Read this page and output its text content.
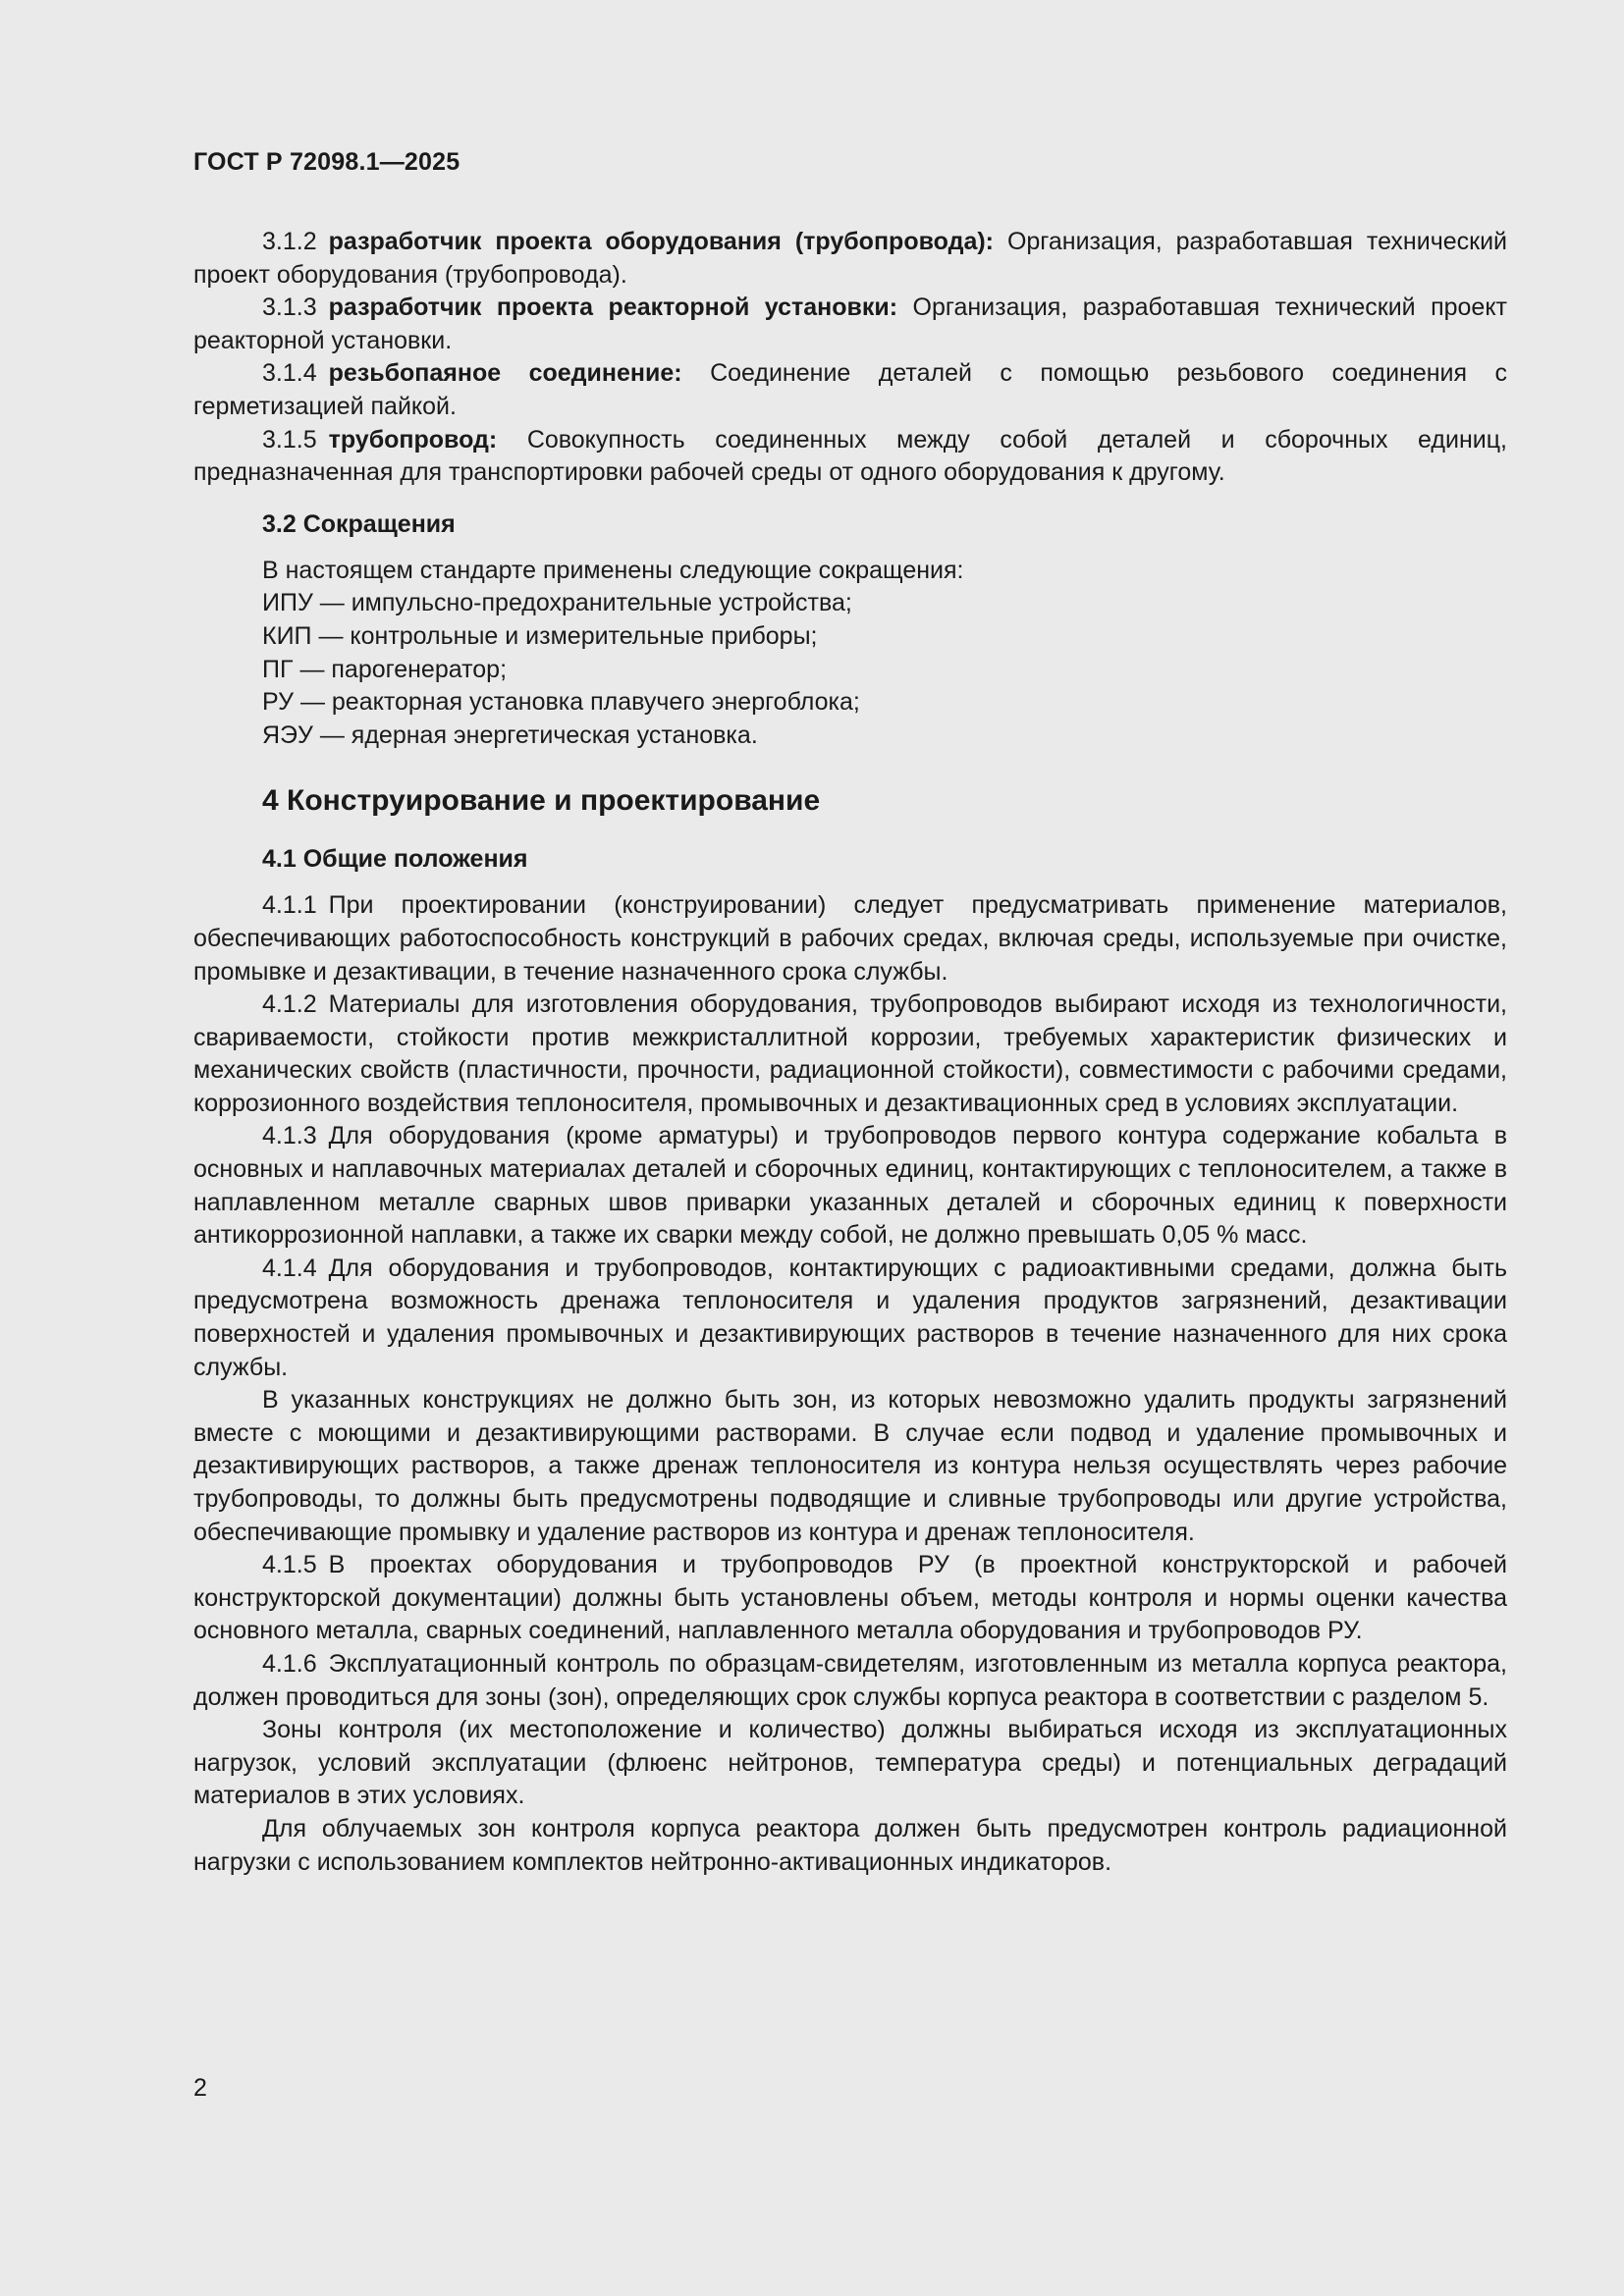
ГОСТ Р 72098.1—2025

3.1.2 разработчик проекта оборудования (трубопровода): Организация, разработавшая технический проект оборудования (трубопровода).

3.1.3 разработчик проекта реакторной установки: Организация, разработавшая технический проект реакторной установки.

3.1.4 резьбопаяное соединение: Соединение деталей с помощью резьбового соединения с герметизацией пайкой.

3.1.5 трубопровод: Совокупность соединенных между собой деталей и сборочных единиц, предназначенная для транспортировки рабочей среды от одного оборудования к другому.

3.2 Сокращения
В настоящем стандарте применены следующие сокращения:
ИПУ — импульсно-предохранительные устройства;
КИП — контрольные и измерительные приборы;
ПГ — парогенератор;
РУ — реакторная установка плавучего энергоблока;
ЯЭУ — ядерная энергетическая установка.
4 Конструирование и проектирование
4.1 Общие положения

4.1.1 При проектировании (конструировании) следует предусматривать применение материалов, обеспечивающих работоспособность конструкций в рабочих средах, включая среды, используемые при очистке, промывке и дезактивации, в течение назначенного срока службы.

4.1.2 Материалы для изготовления оборудования, трубопроводов выбирают исходя из технологичности, свариваемости, стойкости против межкристаллитной коррозии, требуемых характеристик физических и механических свойств (пластичности, прочности, радиационной стойкости), совместимости с рабочими средами, коррозионного воздействия теплоносителя, промывочных и дезактивационных сред в условиях эксплуатации.

4.1.3 Для оборудования (кроме арматуры) и трубопроводов первого контура содержание кобальта в основных и наплавочных материалах деталей и сборочных единиц, контактирующих с теплоносителем, а также в наплавленном металле сварных швов приварки указанных деталей и сборочных единиц к поверхности антикоррозионной наплавки, а также их сварки между собой, не должно превышать 0,05 % масс.

4.1.4 Для оборудования и трубопроводов, контактирующих с радиоактивными средами, должна быть предусмотрена возможность дренажа теплоносителя и удаления продуктов загрязнений, дезактивации поверхностей и удаления промывочных и дезактивирующих растворов в течение назначенного для них срока службы.

В указанных конструкциях не должно быть зон, из которых невозможно удалить продукты загрязнений вместе с моющими и дезактивирующими растворами. В случае если подвод и удаление промывочных и дезактивирующих растворов, а также дренаж теплоносителя из контура нельзя осуществлять через рабочие трубопроводы, то должны быть предусмотрены подводящие и сливные трубопроводы или другие устройства, обеспечивающие промывку и удаление растворов из контура и дренаж теплоносителя.

4.1.5 В проектах оборудования и трубопроводов РУ (в проектной конструкторской и рабочей конструкторской документации) должны быть установлены объем, методы контроля и нормы оценки качества основного металла, сварных соединений, наплавленного металла оборудования и трубопроводов РУ.

4.1.6 Эксплуатационный контроль по образцам-свидетелям, изготовленным из металла корпуса реактора, должен проводиться для зоны (зон), определяющих срок службы корпуса реактора в соответствии с разделом 5.

Зоны контроля (их местоположение и количество) должны выбираться исходя из эксплуатационных нагрузок, условий эксплуатации (флюенс нейтронов, температура среды) и потенциальных деградаций материалов в этих условиях.

Для облучаемых зон контроля корпуса реактора должен быть предусмотрен контроль радиационной нагрузки с использованием комплектов нейтронно-активационных индикаторов.

2
